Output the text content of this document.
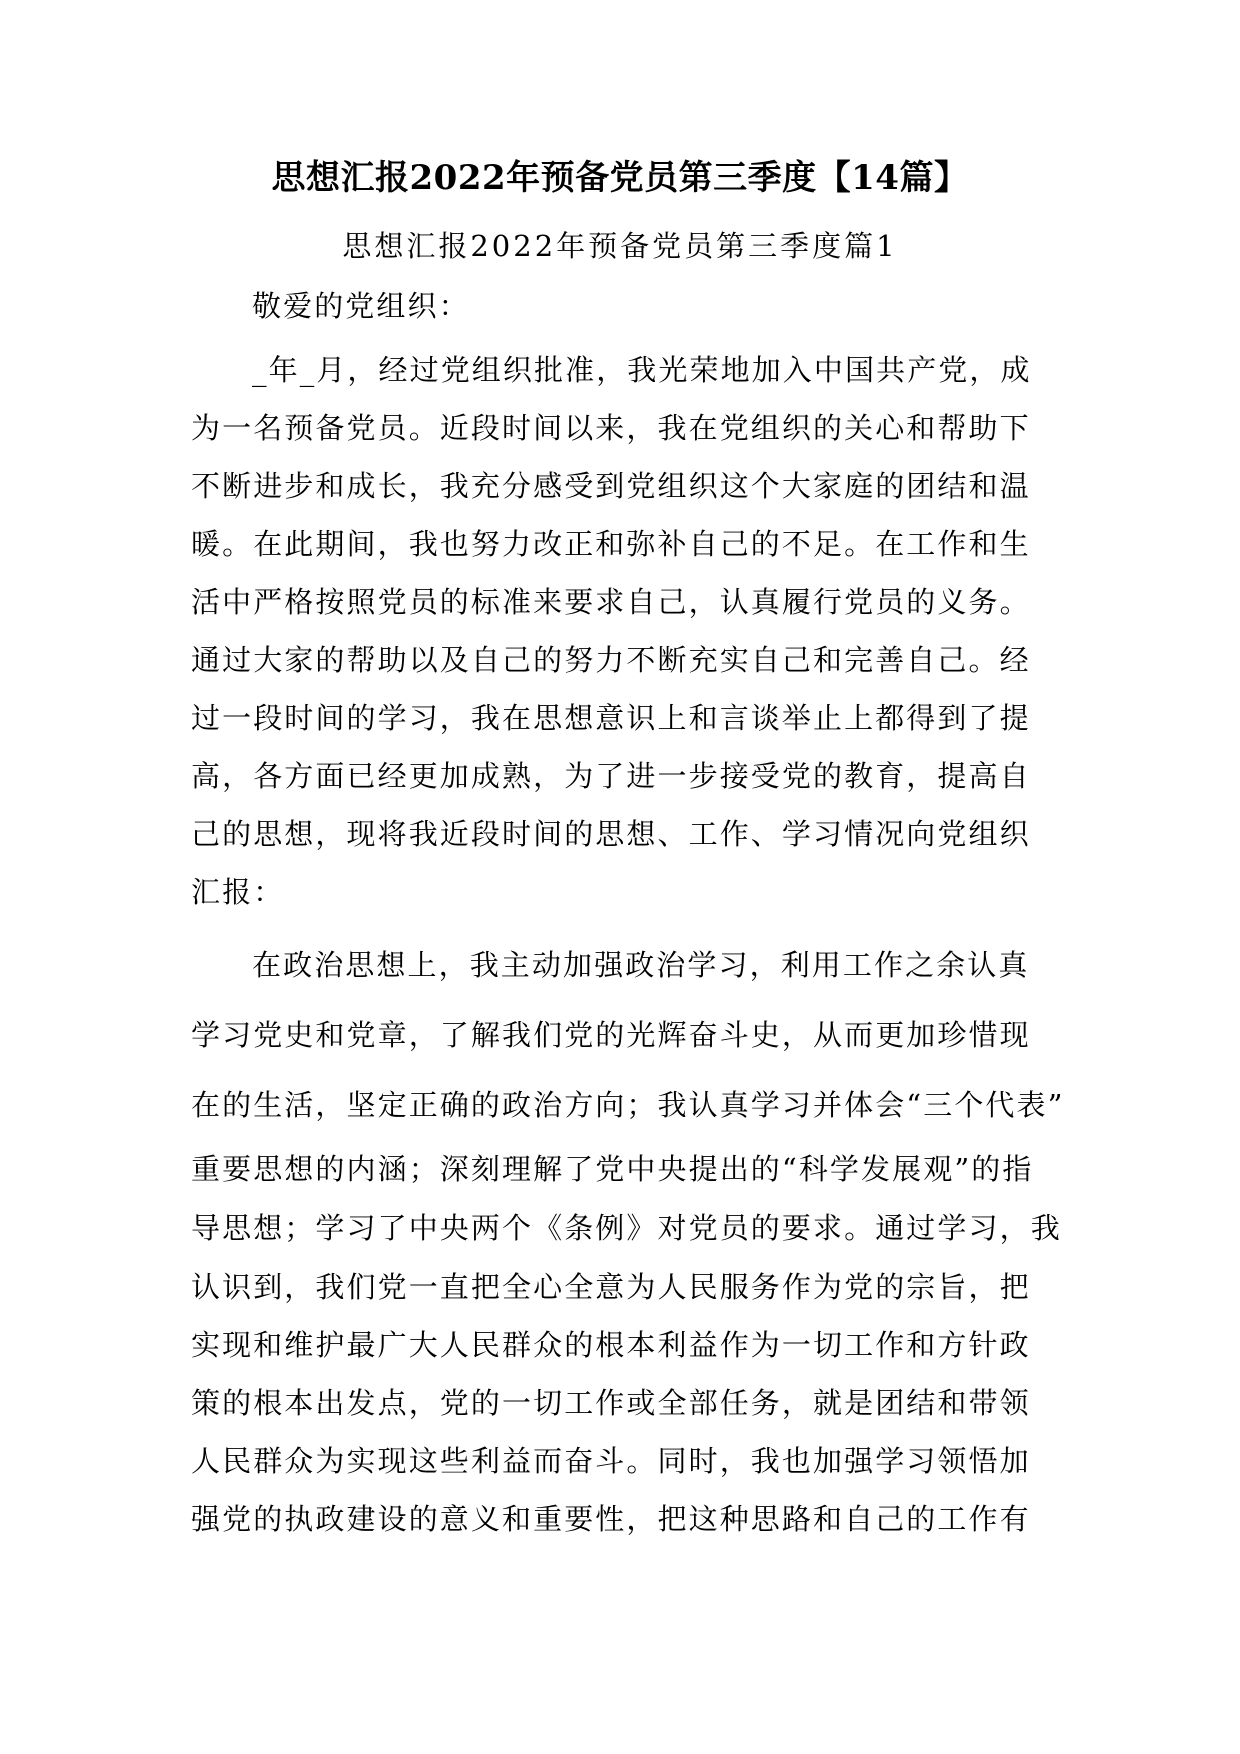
思想汇报2022年预备党员第三季度【14篇】
思想汇报2022年预备党员第三季度篇1
敬爱的党组织：
_年_月，经过党组织批准，我光荣地加入中国共产党，成
为一名预备党员。近段时间以来，我在党组织的关心和帮助下
不断进步和成长，我充分感受到党组织这个大家庭的团结和温
暖。在此期间，我也努力改正和弥补自己的不足。在工作和生
活中严格按照党员的标准来要求自己，认真履行党员的义务。
通过大家的帮助以及自己的努力不断充实自己和完善自己。经
过一段时间的学习，我在思想意识上和言谈举止上都得到了提
高，各方面已经更加成熟，为了进一步接受党的教育，提高自
己的思想，现将我近段时间的思想、工作、学习情况向党组织
汇报：
在政治思想上，我主动加强政治学习，利用工作之余认真
学习党史和党章，了解我们党的光辉奋斗史，从而更加珍惜现
在的生活，坚定正确的政治方向；我认真学习并体会“三个代表”
重要思想的内涵；深刻理解了党中央提出的“科学发展观”的指
导思想；学习了中央两个《条例》对党员的要求。通过学习，我
认识到，我们党一直把全心全意为人民服务作为党的宗旨，把
实现和维护最广大人民群众的根本利益作为一切工作和方针政
策的根本出发点，党的一切工作或全部任务，就是团结和带领
人民群众为实现这些利益而奋斗。同时，我也加强学习领悟加
强党的执政建设的意义和重要性，把这种思路和自己的工作有
